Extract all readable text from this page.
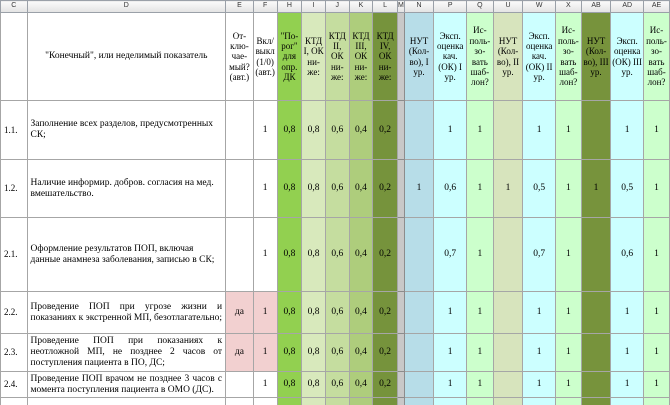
C	D	E	F	H	I	J	K	L	M	N	P	Q	U	W	X	AB	AD	AE
	"Конечный", или неделимый показатель	От-клю-чае-мый? (авт.)	Вкл/ выкл (1/0) (авт.)	"По-рог" для опр. ДК	КТД I, ОК ни-же:	КТД II, ОК ни-же:	КТД III, ОК ни-же:	КТД IV, ОК ни-же:		НУТ (Кол-во), I ур.	Эксп. оценка кач. (ОК) I ур.	Ис-поль-зо-вать шаб-лон?	НУТ (Кол-во), II ур.	Эксп. оценка кач. (ОК) II ур.	Ис-поль-зо-вать шаб-лон?	НУТ (Кол-во), III ур.	Эксп. оценка (ОК) III ур.	Ис-поль-зо-вать шаб-лон?
1.1.	Заполнение всех разделов, предусмотренных СК;		1	0,8	0,8	0,6	0,4	0,2			1	1		1	1		1	1
1.2.	Наличие информир. добров. согласия на мед. вмешательство.		1	0,8	0,8	0,6	0,4	0,2		1	0,6	1	1	0,5	1	1	0,5	1
2.1.	Оформление результатов ПОП, включая данные анамнеза заболевания, записью в СК;		1	0,8	0,8	0,6	0,4	0,2			0,7	1		0,7	1		0,6	1
2.2.	Проведение ПОП при угрозе жизни и показаниях к экстренной МП, безотлагательно;	да	1	0,8	0,8	0,6	0,4	0,2			1	1		1	1		1	1
2.3.	Проведение ПОП при показаниях к неотложной МП, не позднее 2 часов от поступления пациента в ПО, ДС;	да	1	0,8	0,8	0,6	0,4	0,2			1	1		1	1		1	1
2.4.	Проведение ПОП врачом не позднее 3 часов с момента поступления пациента в ОМО (ДС).		1	0,8	0,8	0,6	0,4	0,2			1	1		1	1		1	1
